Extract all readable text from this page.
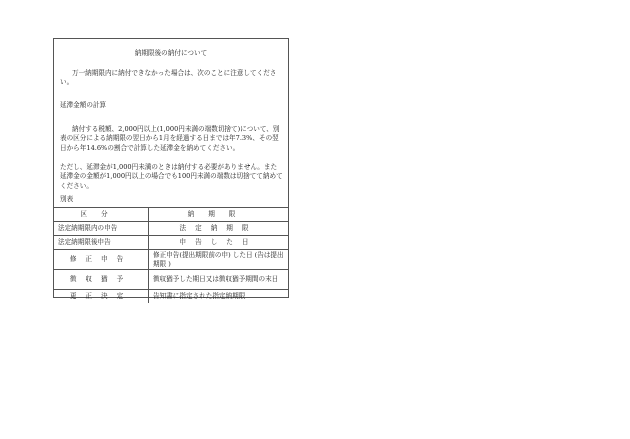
納期限後の納付について
万一納期限内に納付できなかった場合は、次のことに注意してください。
延滞金額の計算
納付する税額、2,000円以上(1,000円未満の端数切捨て)について、別表の区分による納期限の翌日から1月を経過する日までは年7.3%、その翌日から年14.6%の割合で計算した延滞金を納めてください。
ただし、延滞金が1,000円未満のときは納付する必要がありません。また延滞金の金額が1,000円以上の場合でも100円未満の端数は切捨てて納めてください。
別表
区分	納期限
法定納期限内の申告	法定納期限
法定納期限後申告	申告した日
修正申告	修正申告(提出期限前の申) した日 (告は提出期限 )
徴収猶予	徴収猶予した期日又は徴収猶予期間の末日
更正決定	告知書に指定された指定納期限
